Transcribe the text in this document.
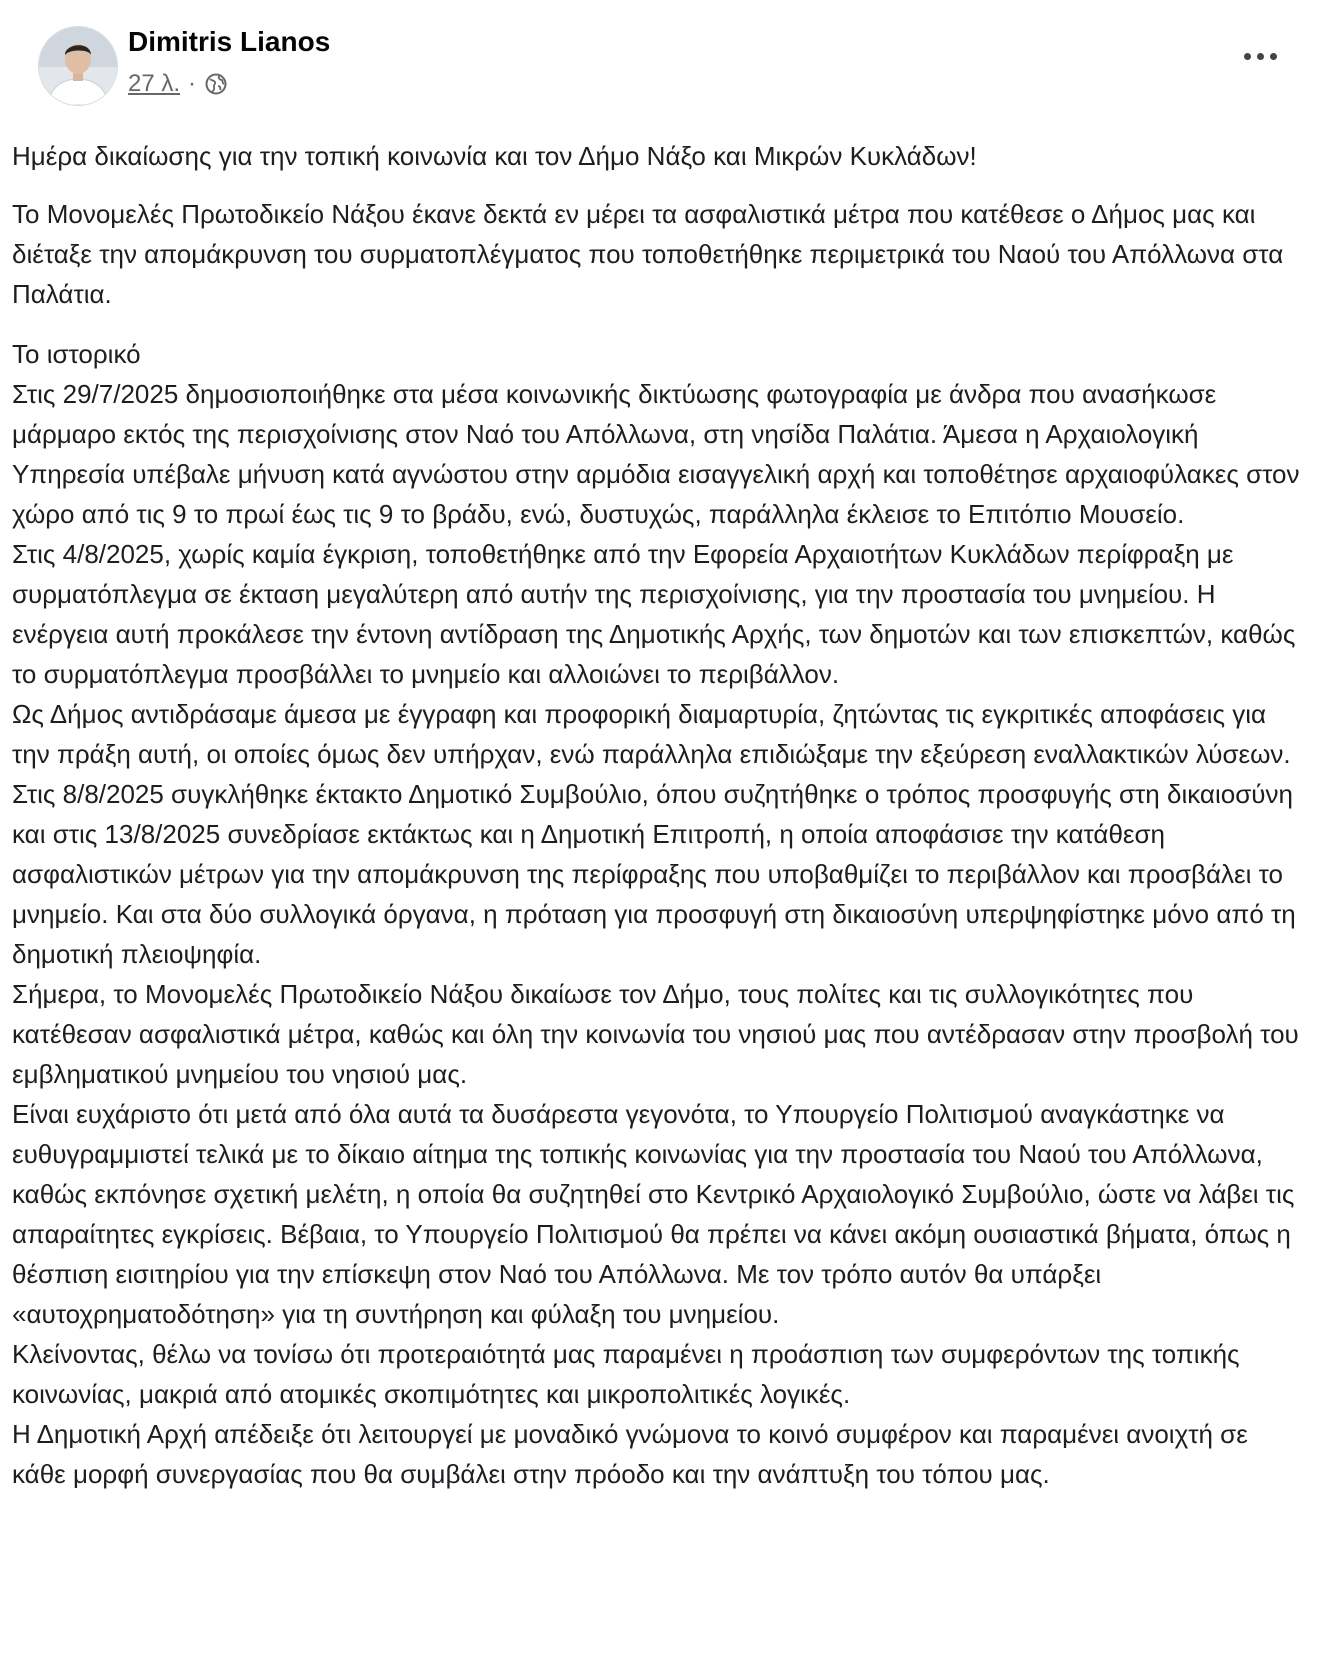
Dimitris Lianos
27 λ. ·

Ημέρα δικαίωσης για την τοπική κοινωνία και τον Δήμο Νάξο και Μικρών Κυκλάδων!

Το Μονομελές Πρωτοδικείο Νάξου έκανε δεκτά εν μέρει τα ασφαλιστικά μέτρα που κατέθεσε ο Δήμος μας και διέταξε την απομάκρυνση του συρματοπλέγματος που τοποθετήθηκε περιμετρικά του Ναού του Απόλλωνα στα Παλάτια.

Το ιστορικό

Στις 29/7/2025 δημοσιοποιήθηκε στα μέσα κοινωνικής δικτύωσης φωτογραφία με άνδρα που ανασήκωσε μάρμαρο εκτός της περισχοίνισης στον Ναό του Απόλλωνα, στη νησίδα Παλάτια. Άμεσα η Αρχαιολογική Υπηρεσία υπέβαλε μήνυση κατά αγνώστου στην αρμόδια εισαγγελική αρχή και τοποθέτησε αρχαιοφύλακες στον χώρο από τις 9 το πρωί έως τις 9 το βράδυ, ενώ, δυστυχώς, παράλληλα έκλεισε το Επιτόπιο Μουσείο.

Στις 4/8/2025, χωρίς καμία έγκριση, τοποθετήθηκε από την Εφορεία Αρχαιοτήτων Κυκλάδων περίφραξη με συρματόπλεγμα σε έκταση μεγαλύτερη από αυτήν της περισχοίνισης, για την προστασία του μνημείου. Η ενέργεια αυτή προκάλεσε την έντονη αντίδραση της Δημοτικής Αρχής, των δημοτών και των επισκεπτών, καθώς το συρματόπλεγμα προσβάλλει το μνημείο και αλλοιώνει το περιβάλλον.

Ως Δήμος αντιδράσαμε άμεσα με έγγραφη και προφορική διαμαρτυρία, ζητώντας τις εγκριτικές αποφάσεις για την πράξη αυτή, οι οποίες όμως δεν υπήρχαν, ενώ παράλληλα επιδιώξαμε την εξεύρεση εναλλακτικών λύσεων.

Στις 8/8/2025 συγκλήθηκε έκτακτο Δημοτικό Συμβούλιο, όπου συζητήθηκε ο τρόπος προσφυγής στη δικαιοσύνη και στις 13/8/2025 συνεδρίασε εκτάκτως και η Δημοτική Επιτροπή, η οποία αποφάσισε την κατάθεση ασφαλιστικών μέτρων για την απομάκρυνση της περίφραξης που υποβαθμίζει το περιβάλλον και προσβάλει το μνημείο. Και στα δύο συλλογικά όργανα, η πρόταση για προσφυγή στη δικαιοσύνη υπερψηφίστηκε μόνο από τη δημοτική πλειοψηφία.

Σήμερα, το Μονομελές Πρωτοδικείο Νάξου δικαίωσε τον Δήμο, τους πολίτες και τις συλλογικότητες που κατέθεσαν ασφαλιστικά μέτρα, καθώς και όλη την κοινωνία του νησιού μας που αντέδρασαν στην προσβολή του εμβληματικού μνημείου του νησιού μας.

Είναι ευχάριστο ότι μετά από όλα αυτά τα δυσάρεστα γεγονότα, το Υπουργείο Πολιτισμού αναγκάστηκε να ευθυγραμμιστεί τελικά με το δίκαιο αίτημα της τοπικής κοινωνίας για την προστασία του Ναού του Απόλλωνα, καθώς εκπόνησε σχετική μελέτη, η οποία θα συζητηθεί στο Κεντρικό Αρχαιολογικό Συμβούλιο, ώστε να λάβει τις απαραίτητες εγκρίσεις. Βέβαια, το Υπουργείο Πολιτισμού θα πρέπει να κάνει ακόμη ουσιαστικά βήματα, όπως η θέσπιση εισιτηρίου για την επίσκεψη στον Ναό του Απόλλωνα. Με τον τρόπο αυτόν θα υπάρξει «αυτοχρηματοδότηση» για τη συντήρηση και φύλαξη του μνημείου.

Κλείνοντας, θέλω να τονίσω ότι προτεραιότητά μας παραμένει η προάσπιση των συμφερόντων της τοπικής κοινωνίας, μακριά από ατομικές σκοπιμότητες και μικροπολιτικές λογικές.

Η Δημοτική Αρχή απέδειξε ότι λειτουργεί με μοναδικό γνώμονα το κοινό συμφέρον και παραμένει ανοιχτή σε κάθε μορφή συνεργασίας που θα συμβάλει στην πρόοδο και την ανάπτυξη του τόπου μας.
